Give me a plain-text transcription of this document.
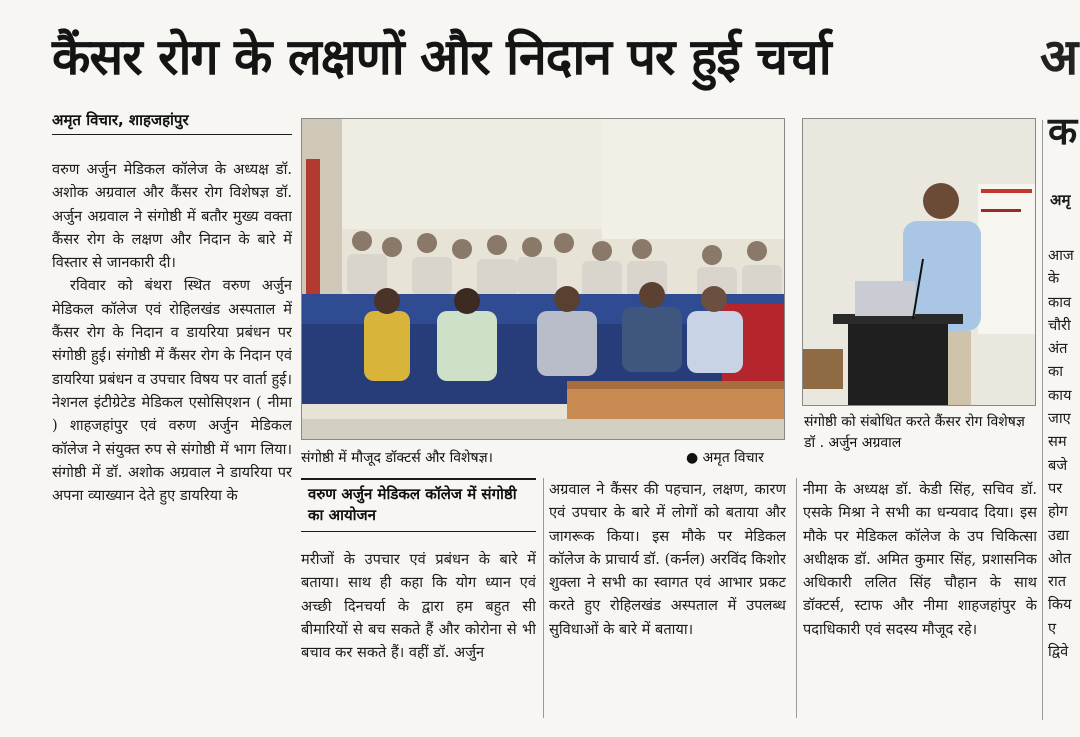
कैंसर रोग के लक्षणों और निदान पर हुई चर्चा	अ
अमृत विचार, शाहजहांपुर

वरुण अर्जुन मेडिकल कॉलेज के अध्यक्ष डॉ. अशोक अग्रवाल और कैंसर रोग विशेषज्ञ डॉ. अर्जुन अग्रवाल ने संगोष्ठी में बतौर मुख्य वक्ता कैंसर रोग के लक्षण और निदान के बारे में विस्तार से जानकारी दी।

रविवार को बंथरा स्थित वरुण अर्जुन मेडिकल कॉलेज एवं रोहिलखंड अस्पताल में कैंसर रोग के निदान व डायरिया प्रबंधन पर संगोष्ठी हुई। संगोष्ठी में कैंसर रोग के निदान एवं डायरिया प्रबंधन व उपचार विषय पर वार्ता हुई। नेशनल इंटीग्रेटेड मेडिकल एसोसिएशन ( नीमा ) शाहजहांपुर एवं वरुण अर्जुन मेडिकल कॉलेज ने संयुक्त रुप से संगोष्ठी में भाग लिया। संगोष्ठी में डॉ. अशोक अग्रवाल ने डायरिया पर अपना व्याख्यान देते हुए डायरिया के

संगोष्ठी में मौजूद डॉक्टर्स और विशेषज्ञ।	● अमृत विचार
संगोष्ठी को संबोधित करते कैंसर रोग विशेषज्ञ डॉ . अर्जुन अग्रवाल
वरुण अर्जुन मेडिकल कॉलेज में संगोष्ठी का आयोजन
मरीजों के उपचार एवं प्रबंधन के बारे में बताया। साथ ही कहा कि योग ध्यान एवं अच्छी दिनचर्या के द्वारा हम बहुत सी बीमारियों से बच सकते हैं और कोरोना से भी बचाव कर सकते हैं। वहीं डॉ. अर्जुन
अग्रवाल ने कैंसर की पहचान, लक्षण, कारण एवं उपचार के बारे में लोगों को बताया और जागरूक किया। इस मौके पर मेडिकल कॉलेज के प्राचार्य डॉ. (कर्नल) अरविंद किशोर शुक्ला ने सभी का स्वागत एवं आभार प्रकट करते हुए रोहिलखंड अस्पताल में उपलब्ध सुविधाओं के बारे में बताया।
नीमा के अध्यक्ष डॉ. केडी सिंह, सचिव डॉ. एसके मिश्रा ने सभी का धन्यवाद दिया। इस मौके पर मेडिकल कॉलेज के उप चिकित्सा अधीक्षक डॉ. अमित कुमार सिंह, प्रशासनिक अधिकारी ललित सिंह चौहान के साथ डॉक्टर्स, स्टाफ और नीमा शाहजहांपुर के पदाधिकारी एवं सदस्य मौजूद रहे।
क
अमृ
आज
के
काव
चौरी
अंत
का
काय
जाए
सम
बजे
पर
होग
उद्या
ओत
रात
किय
ए
द्विवे
